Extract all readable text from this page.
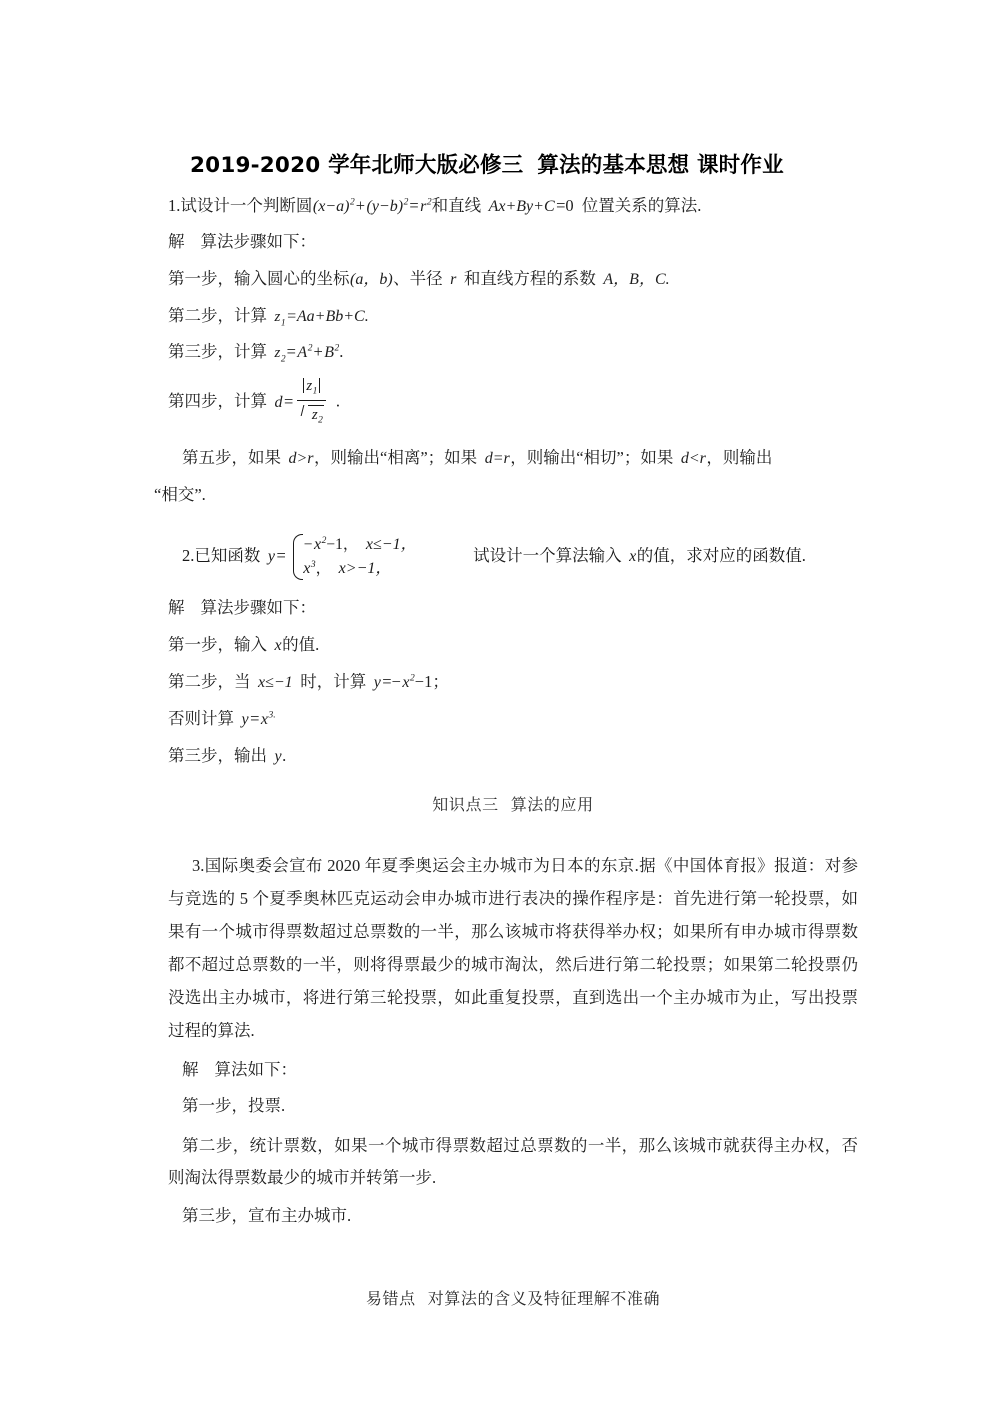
2019-2020 学年北师大版必修三 算法的基本思想 课时作业

1.试设计一个判断圆$(x-a)^2+(y-b)^2=r^2$和直线 Ax+By+C=0 位置关系的算法.

解 算法步骤如下：

第一步，输入圆心的坐标(a，b)、半径 r 和直线方程的系数 A，B，C.

第二步，计算 $z_1=Aa+Bb+C$.

第三步，计算 $z_2=A^2+B^2$.

第四步，计算 $d= \frac{z_1}{z_2}$ .

第五步，如果 d>r，则输出“相离”；如果 d=r，则输出“相切”；如果 d<r，则输出

“相交”.

2.已知函数 y=
$-x^2-1$， x≤−1，
$x^3$， x>−1，
试设计一个算法输入 x的值，求对应的函数值.

解 算法步骤如下：

第一步，输入 x的值.

第二步，当 x≤−1 时，计算 $y=-x^2-1$；

否则计算 $y=x^{3.}$

第三步，输出 y.

知识点三 算法的应用

3.国际奥委会宣布 2020 年夏季奥运会主办城市为日本的东京.据《中国体育报》报道：对参与竞选的 5 个夏季奥林匹克运动会申办城市进行表决的操作程序是：首先进行第一轮投票，如果有一个城市得票数超过总票数的一半，那么该城市将获得举办权；如果所有申办城市得票数都不超过总票数的一半，则将得票最少的城市淘汰，然后进行第二轮投票；如果第二轮投票仍没选出主办城市，将进行第三轮投票，如此重复投票，直到选出一个主办城市为止，写出投票过程的算法.

解 算法如下：

第一步，投票.

第二步，统计票数，如果一个城市得票数超过总票数的一半，那么该城市就获得主办权，否则淘汰得票数最少的城市并转第一步.

第三步，宣布主办城市.

易错点 对算法的含义及特征理解不准确
